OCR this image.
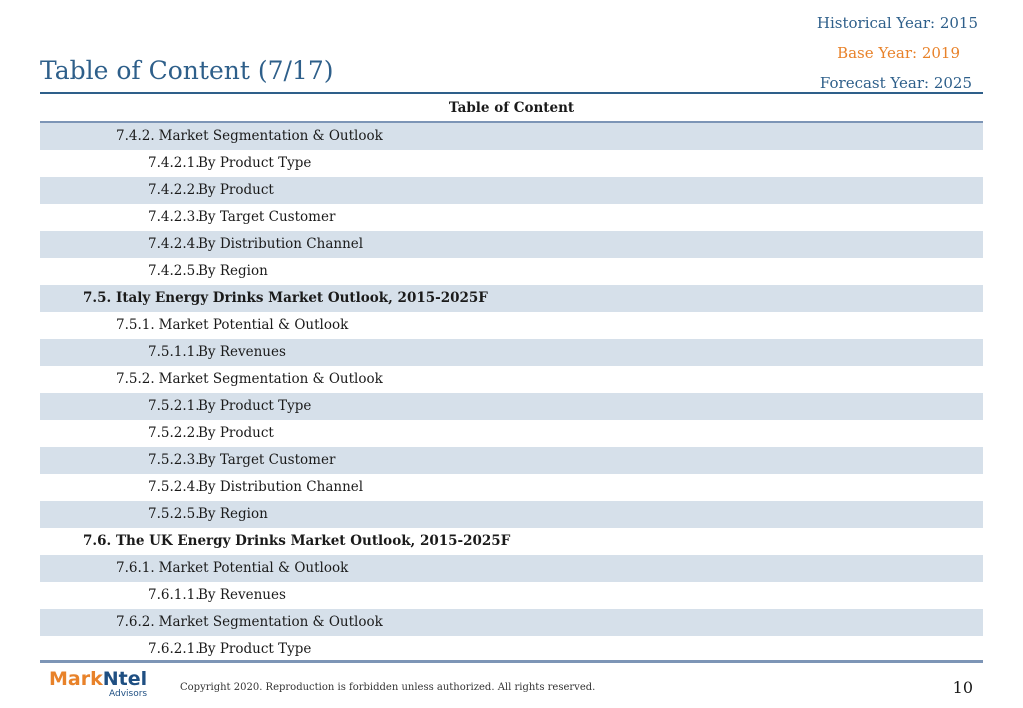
Historical Year: 2015
Base Year: 2019
Forecast Year: 2025
Table of Content (7/17)
Table of Content
7.4.2. Market Segmentation & Outlook
7.4.2.1.By Product Type
7.4.2.2.By Product
7.4.2.3.By Target Customer
7.4.2.4.By Distribution Channel
7.4.2.5.By Region
7.5. Italy Energy Drinks Market Outlook, 2015-2025F
7.5.1. Market Potential & Outlook
7.5.1.1.By Revenues
7.5.2. Market Segmentation & Outlook
7.5.2.1.By Product Type
7.5.2.2.By Product
7.5.2.3.By Target Customer
7.5.2.4.By Distribution Channel
7.5.2.5.By Region
7.6. The UK Energy Drinks Market Outlook, 2015-2025F
7.6.1. Market Potential & Outlook
7.6.1.1.By Revenues
7.6.2. Market Segmentation & Outlook
7.6.2.1.By Product Type
MarkNtel
Advisors
Copyright 2020. Reproduction is forbidden unless authorized. All rights reserved.	10
